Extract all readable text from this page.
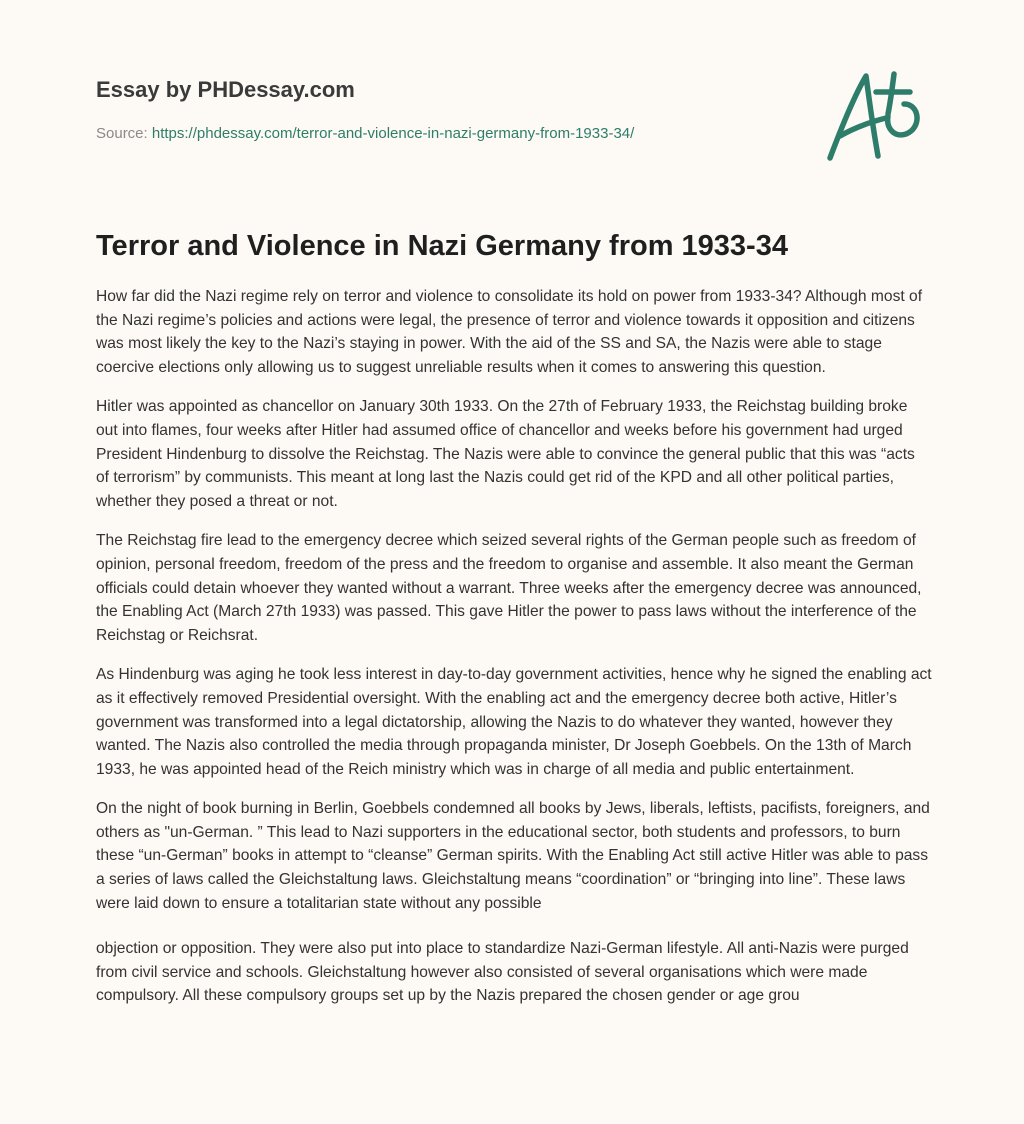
Essay by PHDessay.com
Source: https://phdessay.com/terror-and-violence-in-nazi-germany-from-1933-34/
Terror and Violence in Nazi Germany from 1933-34

How far did the Nazi regime rely on terror and violence to consolidate its hold on power from 1933-34? Although most of the Nazi regime’s policies and actions were legal, the presence of terror and violence towards it opposition and citizens was most likely the key to the Nazi’s staying in power. With the aid of the SS and SA, the Nazis were able to stage coercive elections only allowing us to suggest unreliable results when it comes to answering this question.

Hitler was appointed as chancellor on January 30th 1933. On the 27th of February 1933, the Reichstag building broke out into flames, four weeks after Hitler had assumed office of chancellor and weeks before his government had urged President Hindenburg to dissolve the Reichstag. The Nazis were able to convince the general public that this was “acts of terrorism” by communists. This meant at long last the Nazis could get rid of the KPD and all other political parties, whether they posed a threat or not.

The Reichstag fire lead to the emergency decree which seized several rights of the German people such as freedom of opinion, personal freedom, freedom of the press and the freedom to organise and assemble. It also meant the German officials could detain whoever they wanted without a warrant. Three weeks after the emergency decree was announced, the Enabling Act (March 27th 1933) was passed. This gave Hitler the power to pass laws without the interference of the Reichstag or Reichsrat.

As Hindenburg was aging he took less interest in day-to-day government activities, hence why he signed the enabling act as it effectively removed Presidential oversight. With the enabling act and the emergency decree both active, Hitler’s government was transformed into a legal dictatorship, allowing the Nazis to do whatever they wanted, however they wanted. The Nazis also controlled the media through propaganda minister, Dr Joseph Goebbels. On the 13th of March 1933, he was appointed head of the Reich ministry which was in charge of all media and public entertainment.

On the night of book burning in Berlin, Goebbels condemned all books by Jews, liberals, leftists, pacifists, foreigners, and others as "un-German. ” This lead to Nazi supporters in the educational sector, both students and professors, to burn these “un-German” books in attempt to “cleanse” German spirits. With the Enabling Act still active Hitler was able to pass a series of laws called the Gleichstaltung laws. Gleichstaltung means “coordination” or “bringing into line”. These laws were laid down to ensure a totalitarian state without any possible

objection or opposition. They were also put into place to standardize Nazi-German lifestyle. All anti-Nazis were purged from civil service and schools. Gleichstaltung however also consisted of several organisations which were made compulsory. All these compulsory groups set up by the Nazis prepared the chosen gender or age grou
